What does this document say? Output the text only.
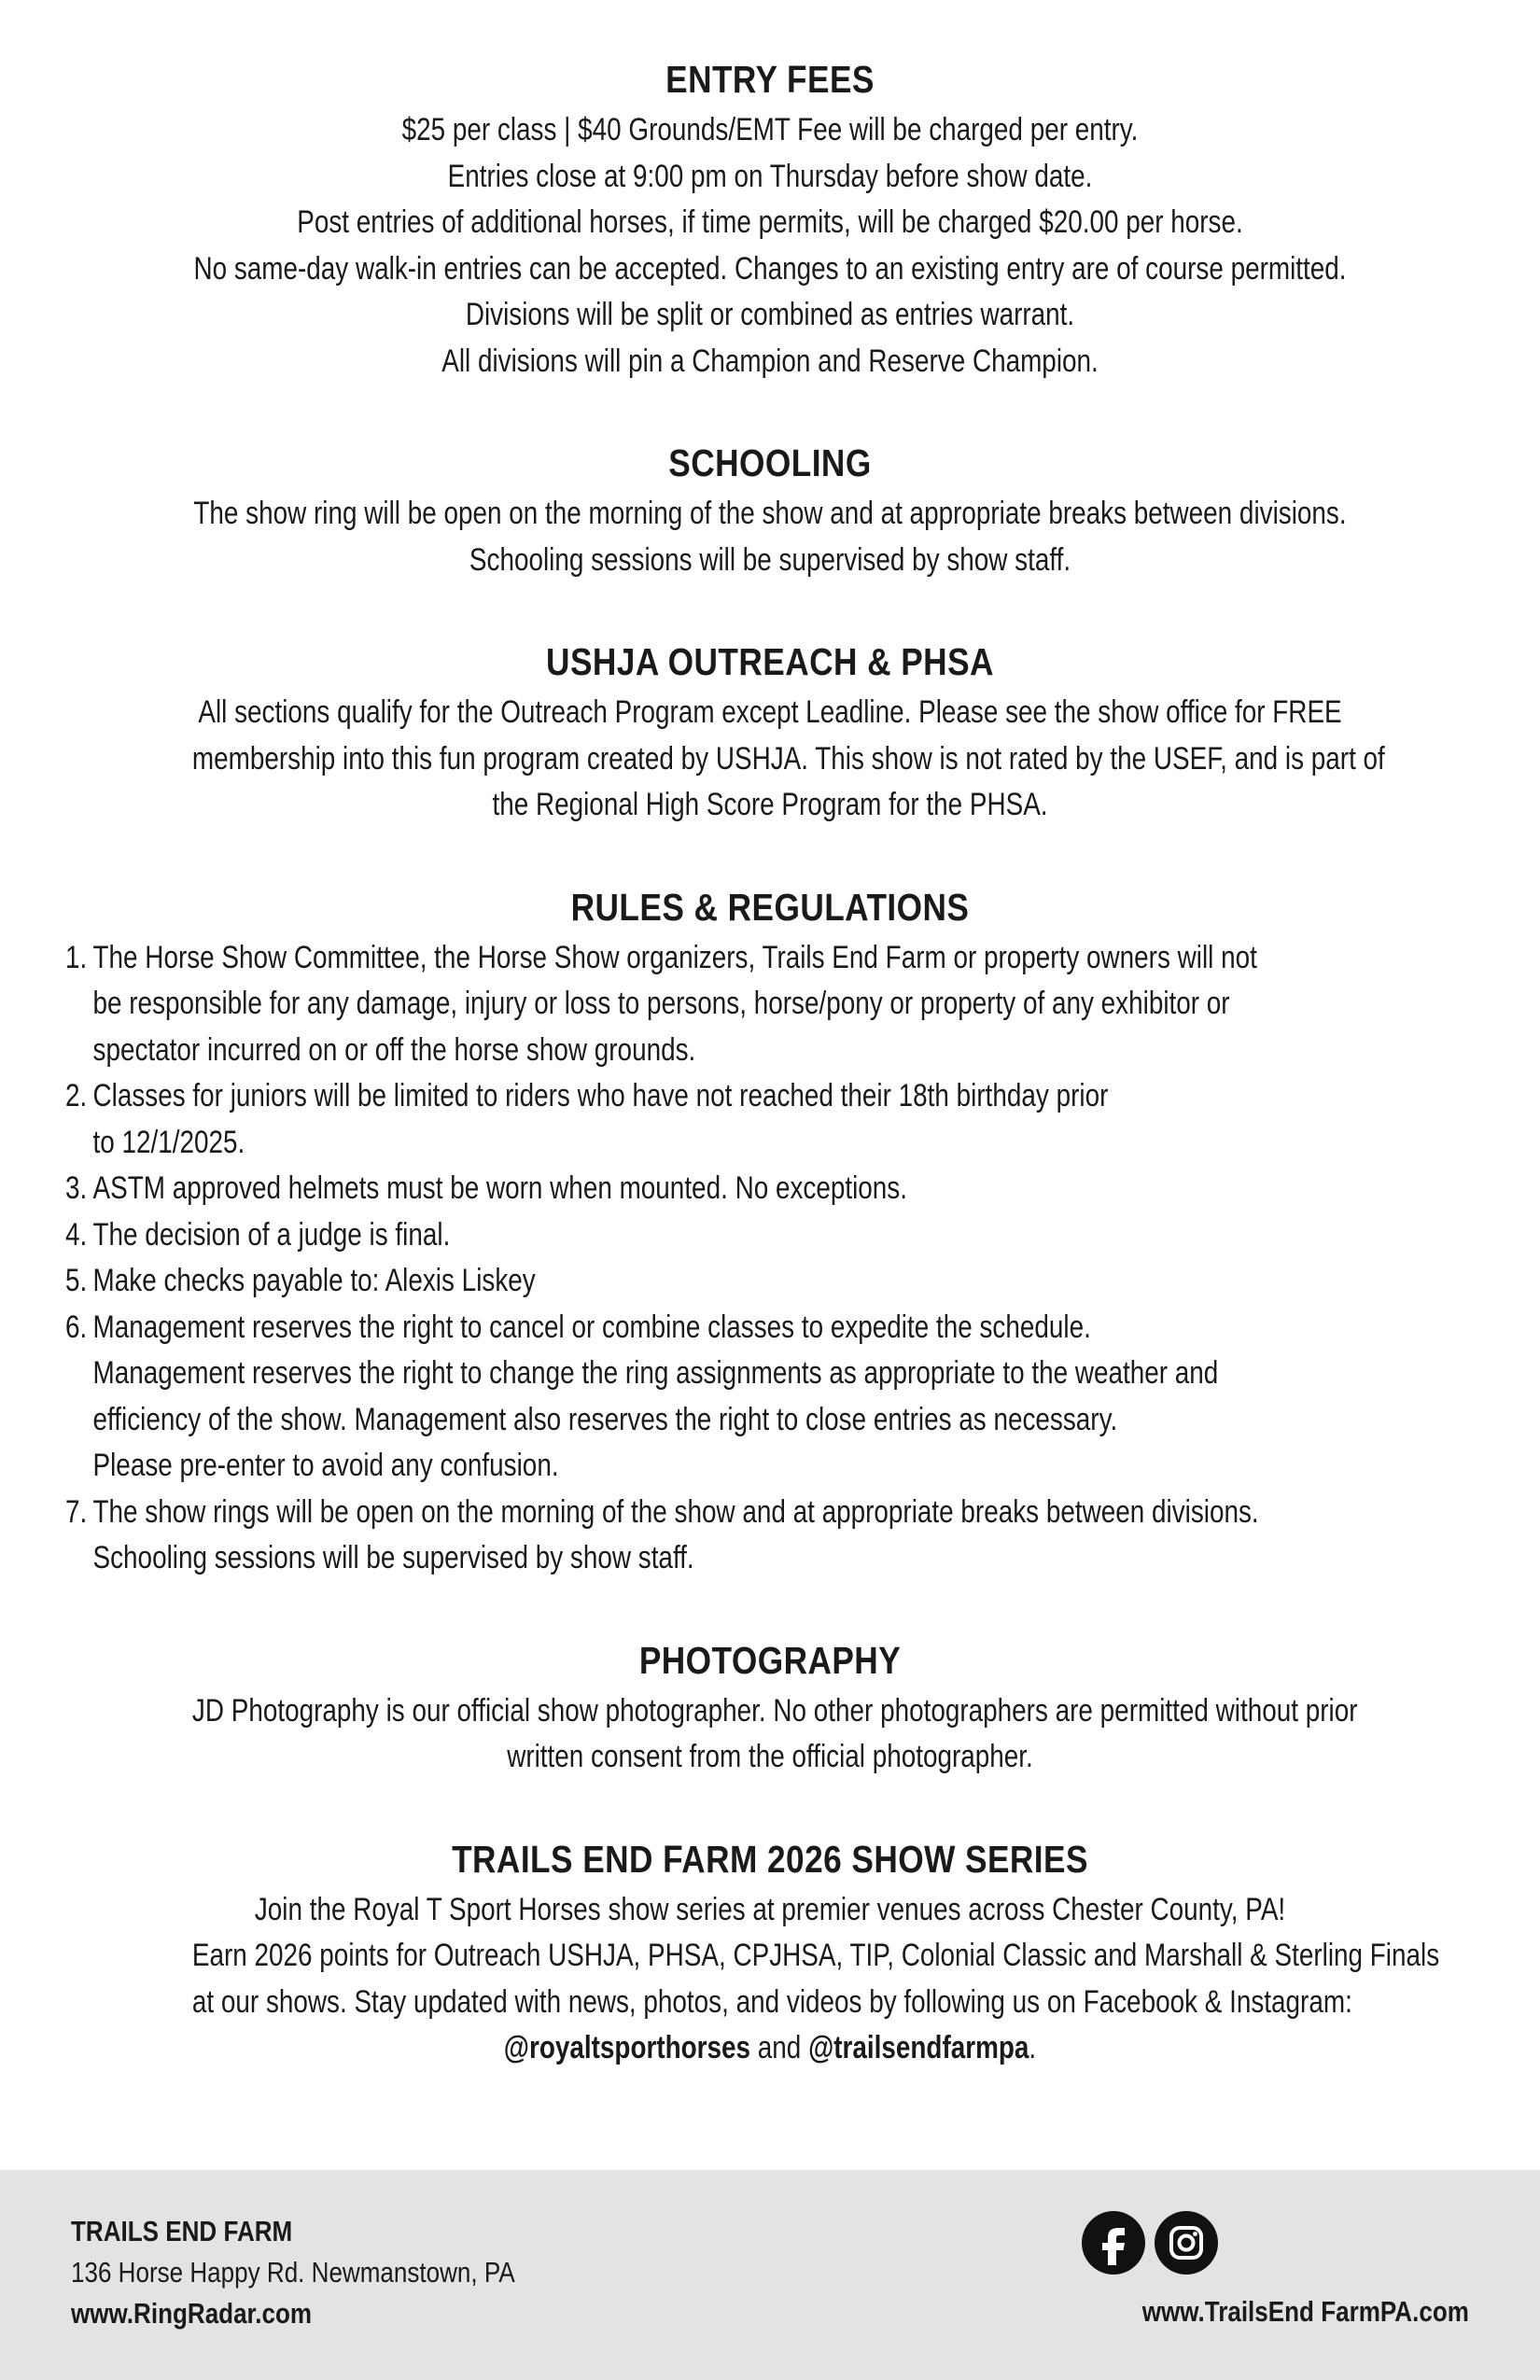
ENTRY FEES
$25 per class | $40 Grounds/EMT Fee will be charged per entry.
Entries close at 9:00 pm on Thursday before show date.
Post entries of additional horses, if time permits, will be charged $20.00 per horse.
No same-day walk-in entries can be accepted. Changes to an existing entry are of course permitted.
Divisions will be split or combined as entries warrant.
All divisions will pin a Champion and Reserve Champion.
SCHOOLING
The show ring will be open on the morning of the show and at appropriate breaks between divisions.
Schooling sessions will be supervised by show staff.
USHJA OUTREACH & PHSA
All sections qualify for the Outreach Program except Leadline. Please see the show office for FREE
membership into this fun program created by USHJA. This show is not rated by the USEF, and is part of
the Regional High Score Program for the PHSA.
RULES & REGULATIONS
1. The Horse Show Committee, the Horse Show organizers, Trails End Farm or property owners will not
be responsible for any damage, injury or loss to persons, horse/pony or property of any exhibitor or
spectator incurred on or off the horse show grounds.
2. Classes for juniors will be limited to riders who have not reached their 18th birthday prior
to 12/1/2025.
3. ASTM approved helmets must be worn when mounted. No exceptions.
4. The decision of a judge is final.
5. Make checks payable to: Alexis Liskey
6. Management reserves the right to cancel or combine classes to expedite the schedule.
Management reserves the right to change the ring assignments as appropriate to the weather and
efficiency of the show. Management also reserves the right to close entries as necessary.
Please pre-enter to avoid any confusion.
7. The show rings will be open on the morning of the show and at appropriate breaks between divisions.
Schooling sessions will be supervised by show staff.
PHOTOGRAPHY
JD Photography is our official show photographer. No other photographers are permitted without prior
written consent from the official photographer.
TRAILS END FARM 2026 SHOW SERIES
Join the Royal T Sport Horses show series at premier venues across Chester County, PA!
Earn 2026 points for Outreach USHJA, PHSA, CPJHSA, TIP, Colonial Classic and Marshall & Sterling Finals
at our shows. Stay updated with news, photos, and videos by following us on Facebook & Instagram:
@royaltsporthorses and @trailsendfarmpa.
TRAILS END FARM
136 Horse Happy Rd. Newmanstown, PA
www.RingRadar.com	www.TrailsEnd FarmPA.com
